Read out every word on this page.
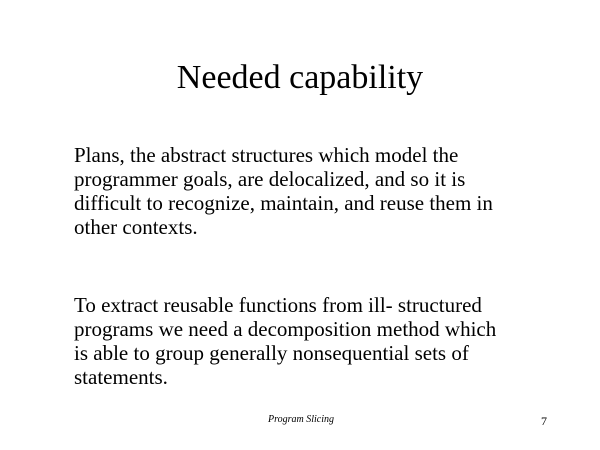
Needed capability

Plans, the abstract structures which model the
programmer goals, are delocalized, and so it is
difficult to recognize, maintain, and reuse them in
other contexts.

To extract reusable functions from ill- structured
programs we need a decomposition method which
is able to group generally nonsequential sets of
statements.

Program Slicing	7
